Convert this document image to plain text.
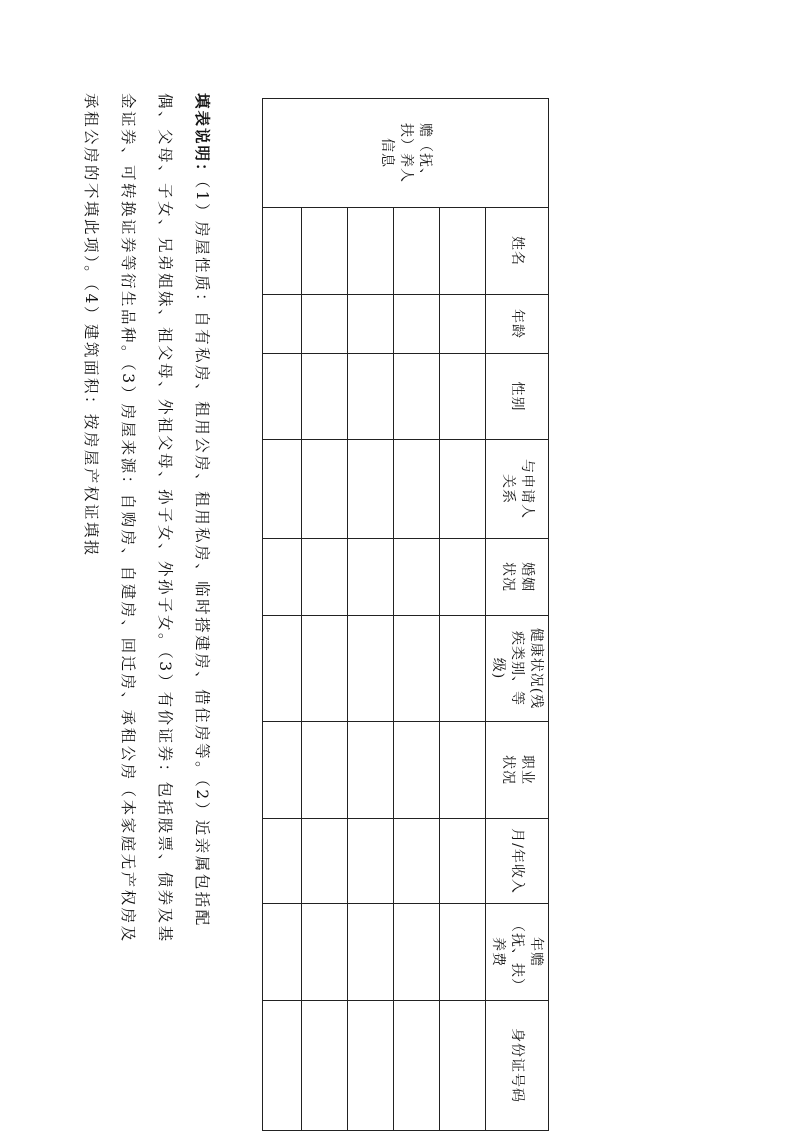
赡（抚、扶）养人信息	姓名	年龄	性别	与申请人关系	婚姻状况	健康状况(残疾类别、等级)	职业状况	月/年收入	年赡（抚、扶）养费	身份证号码

填表说明：（1）房屋性质：自有私房、租用公房、租用私房、临时搭建房、借住房等。（2）近亲属包括配
偶、父母、子女、兄弟姐妹、祖父母、外祖父母、孙子女、外孙子女。（3）有价证券：包括股票、债券及基
金证券、可转换证券等衍生品种。（3）房屋来源：自购房、自建房、回迁房、承租公房（本家庭无产权房及
承租公房的不填此项）。（4）建筑面积：按房屋产权证填报
